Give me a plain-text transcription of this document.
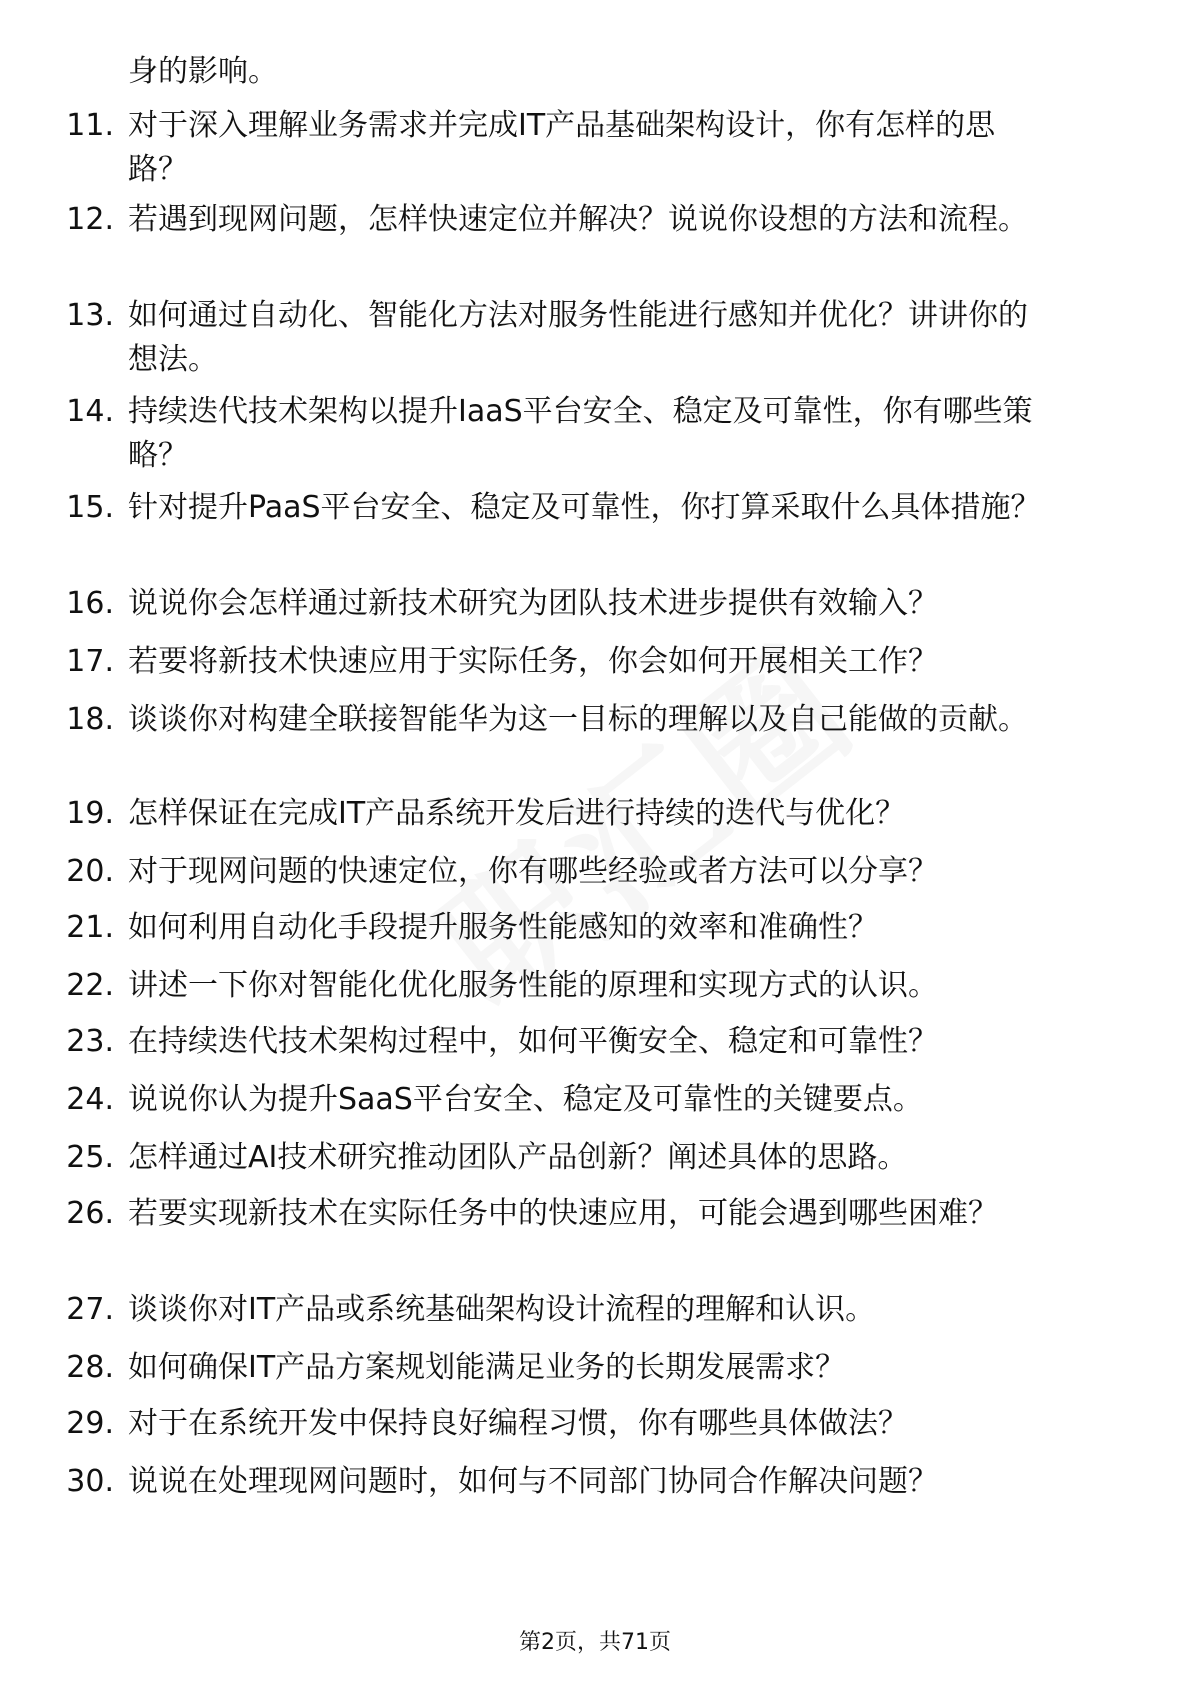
身的影响。

11. 对于深入理解业务需求并完成IT产品基础架构设计，你有怎样的思路？
12. 若遇到现网问题，怎样快速定位并解决？说说你设想的方法和流程。
13. 如何通过自动化、智能化方法对服务性能进行感知并优化？讲讲你的想法。
14. 持续迭代技术架构以提升IaaS平台安全、稳定及可靠性，你有哪些策略？
15. 针对提升PaaS平台安全、稳定及可靠性，你打算采取什么具体措施？
16. 说说你会怎样通过新技术研究为团队技术进步提供有效输入？
17. 若要将新技术快速应用于实际任务，你会如何开展相关工作？
18. 谈谈你对构建全联接智能华为这一目标的理解以及自己能做的贡献。
19. 怎样保证在完成IT产品系统开发后进行持续的迭代与优化？
20. 对于现网问题的快速定位，你有哪些经验或者方法可以分享？
21. 如何利用自动化手段提升服务性能感知的效率和准确性？
22. 讲述一下你对智能化优化服务性能的原理和实现方式的认识。
23. 在持续迭代技术架构过程中，如何平衡安全、稳定和可靠性？
24. 说说你认为提升SaaS平台安全、稳定及可靠性的关键要点。
25. 怎样通过AI技术研究推动团队产品创新？阐述具体的思路。
26. 若要实现新技术在实际任务中的快速应用，可能会遇到哪些困难？
27. 谈谈你对IT产品或系统基础架构设计流程的理解和认识。
28. 如何确保IT产品方案规划能满足业务的长期发展需求？
29. 对于在系统开发中保持良好编程习惯，你有哪些具体做法？
30. 说说在处理现网问题时，如何与不同部门协同合作解决问题？
第2页，共71页
